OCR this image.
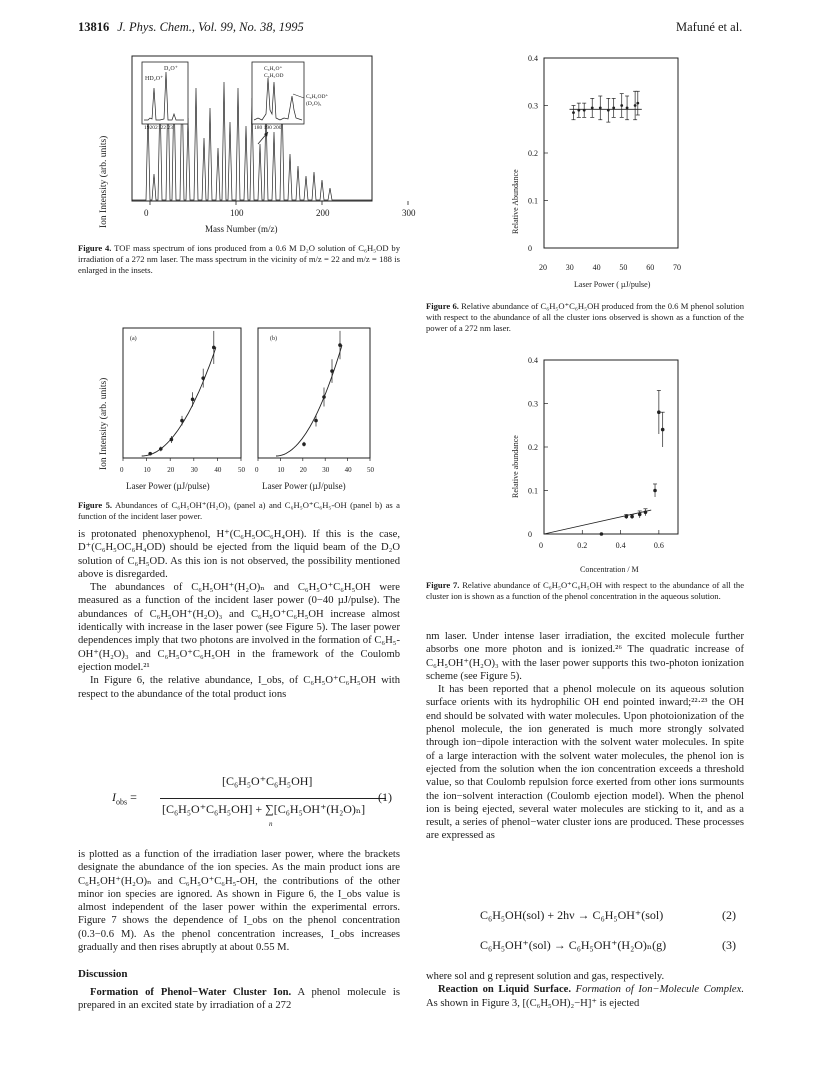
13816 J. Phys. Chem., Vol. 99, No. 38, 1995	Mafuné et al.
Ion Intensity (arb. units)
D₂O⁺
HD₂O⁺
19202122 23
C₆H₅O⁺
C₆H₅OD
C₆H₅OD⁺
(D₂O)₅
180 190 200
0	100	200	300
Mass Number (m/z)
Figure 4. TOF mass spectrum of ions produced from a 0.6 M D₂O solution of C₆H₅OD by irradiation of a 272 nm laser. The mass spectrum in the vicinity of m/z = 22 and m/z = 188 is enlarged in the insets.
Ion Intensity (arb. units)
(a)	(b)
0	10 20 30 40 50 0	10 20 30 40 50
Laser Power (µJ/pulse)	Laser Power (µJ/pulse)
Figure 5. Abundances of C₆H₅OH⁺(H₂O)₃ (panel a) and C₆H₅O⁺C₆H₅-OH (panel b) as a function of the incident laser power.
Relative Abundance
0
0.1
0.2
0.3
0.4
20 30 40 50 60 70
Laser Power ( µJ/pulse)
Figure 6. Relative abundance of C₆H₅O⁺C₆H₅OH produced from the 0.6 M phenol solution with respect to the abundance of all the cluster ions observed is shown as a function of the power of a 272 nm laser.
Relative abundance
0
0.1
0.2
0.3
0.4
0	0.2	0.4	0.6
Concentration / M
Figure 7. Relative abundance of C₆H₅O⁺C₆H₅OH with respect to the abundance of all the cluster ion is shown as a function of the phenol concentration in the aqueous solution.

is protonated phenoxyphenol, H⁺(C₆H₅OC₆H₄OH). If this is the case, D⁺(C₆H₅OC₆H₄OD) should be ejected from the liquid beam of the D₂O solution of C₆H₅OD. As this ion is not observed, the possibility mentioned above is disregarded.

The abundances of C₆H₅OH⁺(H₂O)ₙ and C₆H₅O⁺C₆H₅OH were measured as a function of the incident laser power (0−40 µJ/pulse). The abundances of C₆H₅OH⁺(H₂O)₃ and C₆H₅O⁺C₆H₅OH increase almost identically with increase in the laser power (see Figure 5). The laser power dependences imply that two photons are involved in the formation of C₆H₅-OH⁺(H₂O)₃ and C₆H₅O⁺C₆H₅OH in the framework of the Coulomb ejection model.²¹

In Figure 6, the relative abundance, I_obs, of C₆H₅O⁺C₆H₅OH with respect to the abundance of the total product ions

$I_{obs}$ =
[C₆H₅O⁺C₆H₅OH]
[C₆H₅O⁺C₆H₅OH] + ∑[C₆H₅OH⁺(H₂O)ₙ]
n
(1)

is plotted as a function of the irradiation laser power, where the brackets designate the abundance of the ion species. As the main product ions are C₆H₅OH⁺(H₂O)ₙ and C₆H₅O⁺C₆H₅-OH, the contributions of the other minor ion species are ignored. As shown in Figure 6, the I_obs value is almost independent of the laser power within the experimental errors. Figure 7 shows the dependence of I_obs on the phenol concentration (0.3−0.6 M). As the phenol concentration increases, I_obs increases gradually and then rises abruptly at about 0.55 M.

Discussion

Formation of Phenol−Water Cluster Ion. A phenol molecule is prepared in an excited state by irradiation of a 272

nm laser. Under intense laser irradiation, the excited molecule further absorbs one more photon and is ionized.²⁶ The quadratic increase of C₆H₅OH⁺(H₂O)₃ with the laser power supports this two-photon ionization scheme (see Figure 5).

It has been reported that a phenol molecule on its aqueous solution surface orients with its hydrophilic OH end pointed inward;²²·²³ the OH end should be solvated with water molecules. Upon photoionization of the phenol molecule, the ion generated is much more strongly solvated through ion−dipole interaction with the solvent water molecules. In spite of a large interaction with the solvent water molecules, the phenol ion is ejected from the solution when the ion concentration exceeds a threshold value, so that Coulomb repulsion force exerted from other ions surmounts the ion−solvent interaction (Coulomb ejection model). When the phenol ion is being ejected, several water molecules are sticking to it, and as a result, a series of phenol−water cluster ions are produced. These processes are expressed as

C₆H₅OH(sol) + 2hν → C₆H₅OH⁺(sol)	(2)
C₆H₅OH⁺(sol) → C₆H₅OH⁺(H₂O)ₙ(g)	(3)

where sol and g represent solution and gas, respectively.

Reaction on Liquid Surface. Formation of Ion−Molecule Complex. As shown in Figure 3, [(C₆H₅OH)₂−H]⁺ is ejected
